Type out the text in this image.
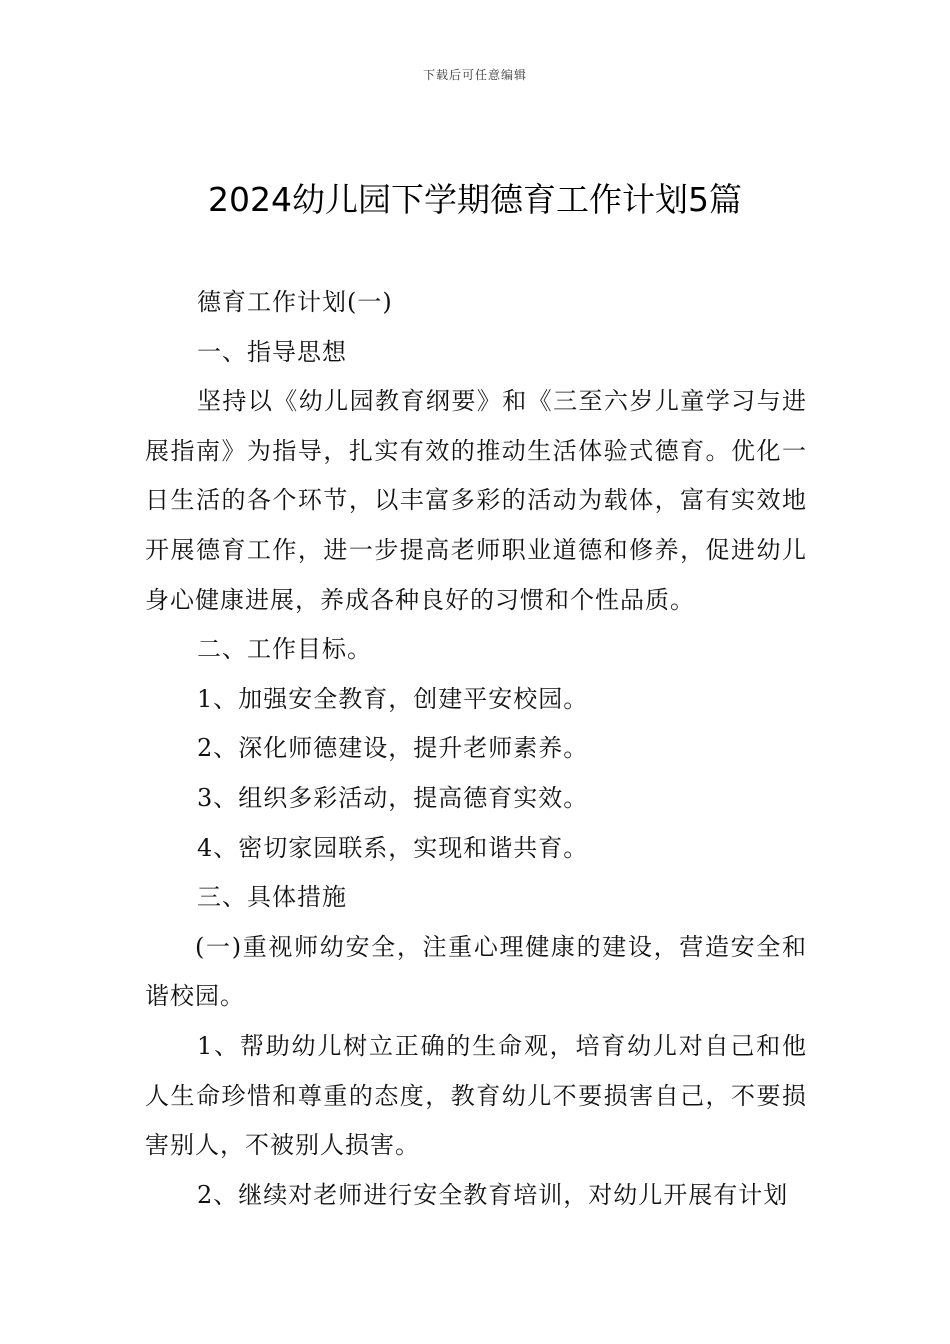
下载后可任意编辑
2024幼儿园下学期德育工作计划5篇

德育工作计划(一)

一、指导思想

坚持以《幼儿园教育纲要》和《三至六岁儿童学习与进展指南》为指导，扎实有效的推动生活体验式德育。优化一日生活的各个环节，以丰富多彩的活动为载体，富有实效地开展德育工作，进一步提高老师职业道德和修养，促进幼儿身心健康进展，养成各种良好的习惯和个性品质。

二、工作目标。

1、加强安全教育，创建平安校园。

2、深化师德建设，提升老师素养。

3、组织多彩活动，提高德育实效。

4、密切家园联系，实现和谐共育。

三、具体措施

(一)重视师幼安全，注重心理健康的建设，营造安全和谐校园。

1、帮助幼儿树立正确的生命观，培育幼儿对自己和他人生命珍惜和尊重的态度，教育幼儿不要损害自己，不要损害别人，不被别人损害。

2、继续对老师进行安全教育培训，对幼儿开展有计划
